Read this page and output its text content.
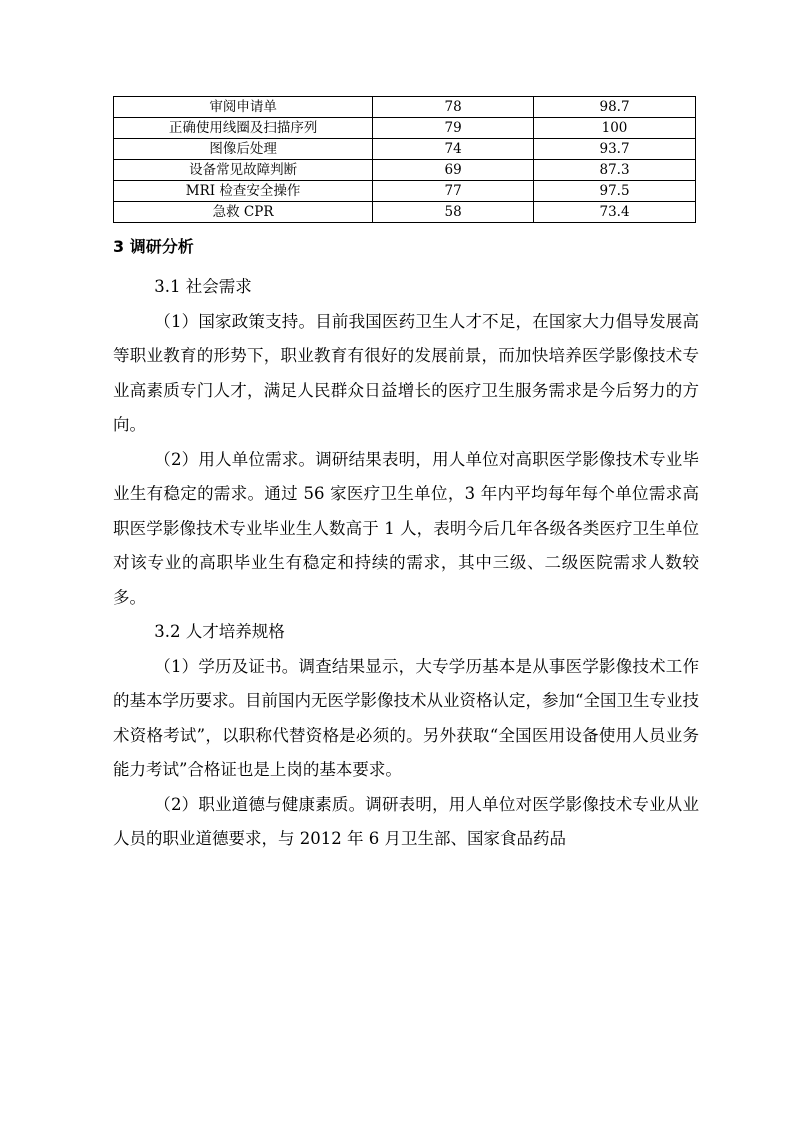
审阅申请单	78	98.7
正确使用线圈及扫描序列	79	100
图像后处理	74	93.7
设备常见故障判断	69	87.3
MRI 检查安全操作	77	97.5
急救 CPR	58	73.4
3 调研分析

3.1 社会需求

（1）国家政策支持。目前我国医药卫生人才不足，在国家大力倡导发展高等职业教育的形势下，职业教育有很好的发展前景，而加快培养医学影像技术专业高素质专门人才，满足人民群众日益增长的医疗卫生服务需求是今后努力的方向。

（2）用人单位需求。调研结果表明，用人单位对高职医学影像技术专业毕业生有稳定的需求。通过 56 家医疗卫生单位，3 年内平均每年每个单位需求高职医学影像技术专业毕业生人数高于 1 人，表明今后几年各级各类医疗卫生单位对该专业的高职毕业生有稳定和持续的需求，其中三级、二级医院需求人数较多。

3.2 人才培养规格

（1）学历及证书。调查结果显示，大专学历基本是从事医学影像技术工作的基本学历要求。目前国内无医学影像技术从业资格认定，参加“全国卫生专业技术资格考试”，以职称代替资格是必须的。另外获取“全国医用设备使用人员业务能力考试”合格证也是上岗的基本要求。

（2）职业道德与健康素质。调研表明，用人单位对医学影像技术专业从业人员的职业道德要求，与 2012 年 6 月卫生部、国家食品药品
